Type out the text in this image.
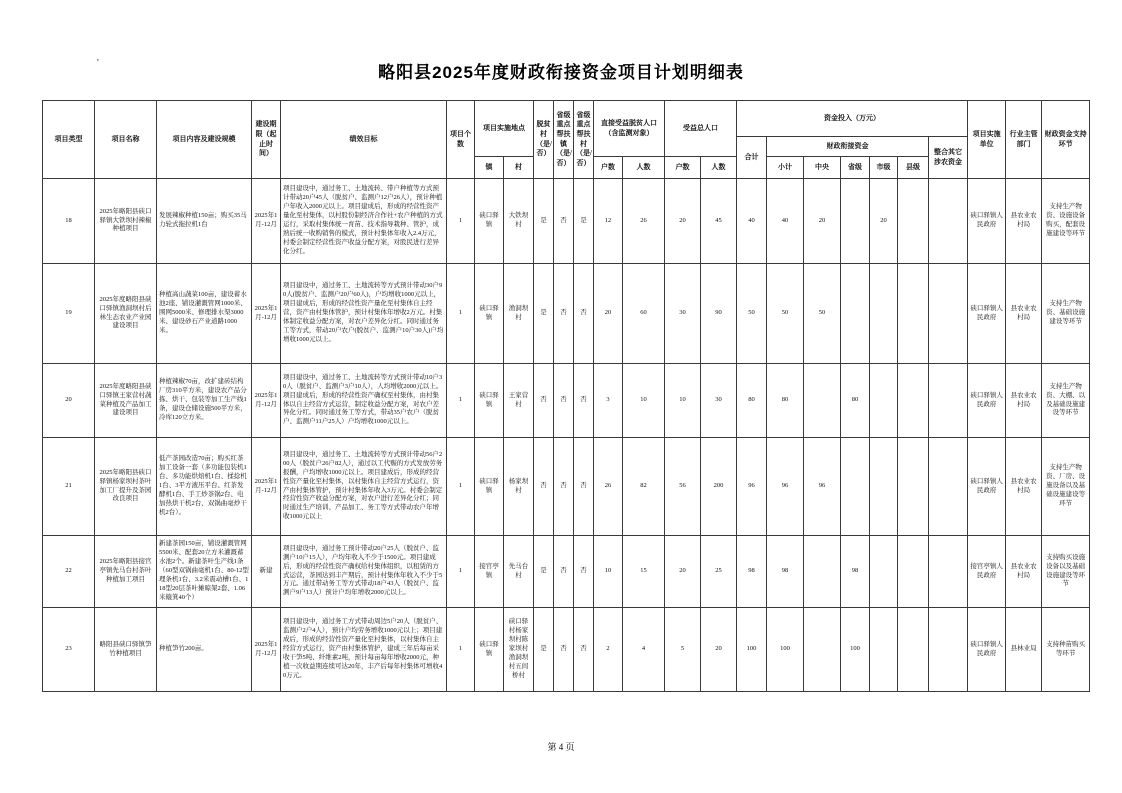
'	略阳县2025年度财政衔接资金项目计划明细表
项目类型	项目名称	项目内容及建设规模	建设期限（起止时间）	绩效目标	项目个数	项目实施地点		脱贫村（是/否）	省级重点帮扶镇（是/否）	省级重点帮扶村（是/否）	直接受益脱贫人口（含监测对象）		受益总人口		资金投入（万元）							项目实施单位	行业主管部门	财政资金支持环节
															合计	财政衔接资金					整合其它涉农资金			
						镇	村				户数	人数	户数	人数		小计	中央	省级	市级	县级				
18	2025年略阳县硖口驿镇大铁坝村辣椒种植项目	发展辣椒种植150亩；购买35马力轮式拖拉机1台	2025年1月-12月	项目建设中，通过务工、土地流转、带户种植等方式预计带动20户45人（脱贫户、监测户12户26人），预计种植户年收入2000元以上。项目建成后，形成的经营性资产量化至村集体，以村股份制经济合作社+农户种植的方式运行，采取村集体统一育苗、技术指导栽种、管护，成熟后统一收购销售的模式，预计村集体年收入2.4万元，村委会制定经营性资产收益分配方案，对股民进行差异化分红。	1	硖口驿镇	大铁坝村	是	否	是	12	26	20	45	40	40	20		20			硖口驿镇人民政府	县农业农村局	支持生产物资、设施设备购买，配套设施建设等环节
19	2025年度略阳县硖口驿镇渔洞坝村后林生态农业产业园建设项目	种植高山蔬菜100亩，建设蓄水池2座、铺设灌溉管网1000米、围网5000米、修理排水渠3000米、建设砂石产业道路1000米。	2025年1月-12月	项目建设中，通过务工、土地流转等方式预计带动30户90人(脱贫户、监测户20户60人)，户均增收1000元以上，项目建成后，形成的经营性资产量化至村集体自主经营，资产由村集体管护，预计村集体年增收2万元。村集体制定收益分配方案，对农户差异化分红。同时通过务工等方式，带动20户农户(脱贫户、监测户10户30人)户均增收1000元以上。	1	硖口驿镇	渔洞坝村	是	否	否	20	60	30	90	50	50	50					硖口驿镇人民政府	县农业农村局	支持生产物资、基础设施建设等环节
20	2025年度略阳县硖口驿镇王家营村蔬菜种植及产品加工建设项目	种植辣椒70亩，改扩建砖结构厂房310平方米，建设农产品分拣、烘干、包装等加工生产线1条，建设仓储设施500平方米，冷库120立方米。	2025年1月-12月	项目建设中，通过务工、土地流转等方式预计带动10户30人（脱贫户、监测户3户10人），人均增收2000元以上。项目建成后，形成的经营性资产确权至村集体，由村集体以自主经营方式运营，制定收益分配方案，对农户差异化分红。同时通过务工等方式，带动35户农户（脱贫户、监测户11户25人）户均增收1000元以上。	1	硖口驿镇	王家营村	否	否	否	3	10	10	30	80	80		80				硖口驿镇人民政府	县农业农村局	支持生产物资、大棚、以及基础设施建设等环节
21	2025年略阳县硖口驿镇杨家坝村茶叶加工厂提升及茶园改良项目	低产茶园改造70亩；购买红茶加工设备一套（多功能包装机1台、多功能烘焙机1台、揉捻机1台、3平方液压平台、红茶发酵机1台、手工炒茶锅2台、电加热烘干机2台、双锅曲毫炒干机2台）。	2025年1月-12月	项目建设中，通过务工、土地流转等方式预计带动56户200人（脱贫户26户82人），通过以工代赈的方式发放劳务报酬，户均增收1000元以上。项目建成后，形成的经营性资产量化至村集体，以村集体自主经营方式运行，资产由村集体管护，预计村集体年收入3万元。村委会制定经营性资产收益分配方案，对农户进行差异化分红；同时通过生产培训、产品加工、务工等方式带动农户年增收1000元以上	1	硖口驿镇	杨家坝村	否	否	否	26	82	56	200	96	96	96					硖口驿镇人民政府	县农业农村局	支持生产物资、厂房、设施设备以及基础设施建设等环节
22	2025年略阳县接官亭镇先马台村茶叶种植加工项目	新建茶园150亩，铺设灌溉管网5500米、配套20立方米灌溉蓄水池2个。新建茶叶生产线1条（60型双锅曲毫机1台、80-12型理条机1台、3.2米震动槽1台、118型20层茶叶摊晾架2套、1.06米簸箕40个）	新建	项目建设中，通过务工预计带动20户25人（脱贫户、监测户10户15人），户均年收入不少于1500元。项目建成后，形成的经营性资产确权给村集体组织，以租赁的方式运营，茶园达到丰产期后，预计村集体年收入不少于5万元。通过带动务工等方式带动18户43人（脱贫户、监测户9户13人）预计户均年增收2000元以上。	1	接官亭镇	先马台村	是	否	否	10	15	20	25	98	98		98				接官亭镇人民政府	县农业农村局	支持购买设施设备以及基础设施建设等环节
23	略阳县硖口驿镇笋竹种植项目	种植笋竹200亩。	2025年1月-12月	项目建设中，通过务工方式带动周边5户20人（脱贫户、监测户2户4人），预计户均劳务增收1000元以上；项目建成后，形成的经营性资产量化至村集体，以村集体自主经营方式运行，资产由村集体管护，建成三年后每亩采收干笋5吨、纤维素2吨，预计每亩每年增收2000元，种植一次收益期连续可达20年，丰产后每年村集体可增收40万元。	1	硖口驿镇	硖口驿村杨家坝村陈家坝村渔洞坝村五间桥村	是	否	否	2	4	5	20	100	100		100				硖口驿镇人民政府	县林业局	支持种苗购买等环节
第 4 页
